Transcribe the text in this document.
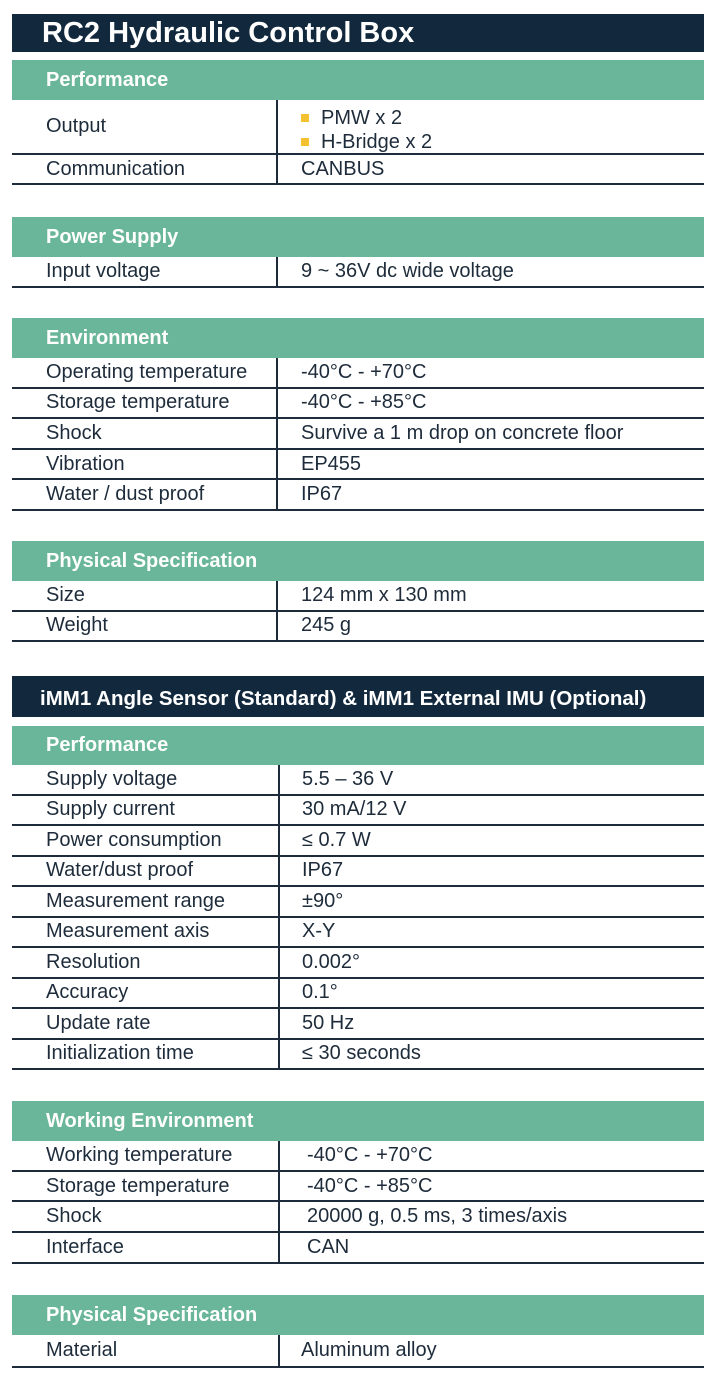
RC2 Hydraulic Control Box
Performance
Output	PMW x 2
H-Bridge x 2
Communication	CANBUS
Power Supply
Input voltage	9 ~ 36V dc wide voltage
Environment
Operating temperature	-40°C - +70°C
Storage temperature	-40°C - +85°C
Shock	Survive a 1 m drop on concrete floor
Vibration	EP455
Water / dust proof	IP67
Physical Specification
Size	124 mm x 130 mm
Weight	245 g
iMM1 Angle Sensor (Standard) & iMM1 External IMU (Optional)
Performance
Supply voltage	5.5 – 36 V
Supply current	30 mA/12 V
Power consumption	≤ 0.7 W
Water/dust proof	IP67
Measurement range	±90°
Measurement axis	X-Y
Resolution	0.002°
Accuracy	0.1°
Update rate	50 Hz
Initialization time	≤ 30 seconds
Working Environment
Working temperature	-40°C - +70°C
Storage temperature	-40°C - +85°C
Shock	20000 g, 0.5 ms, 3 times/axis
Interface	CAN
Physical Specification
Material	Aluminum alloy
